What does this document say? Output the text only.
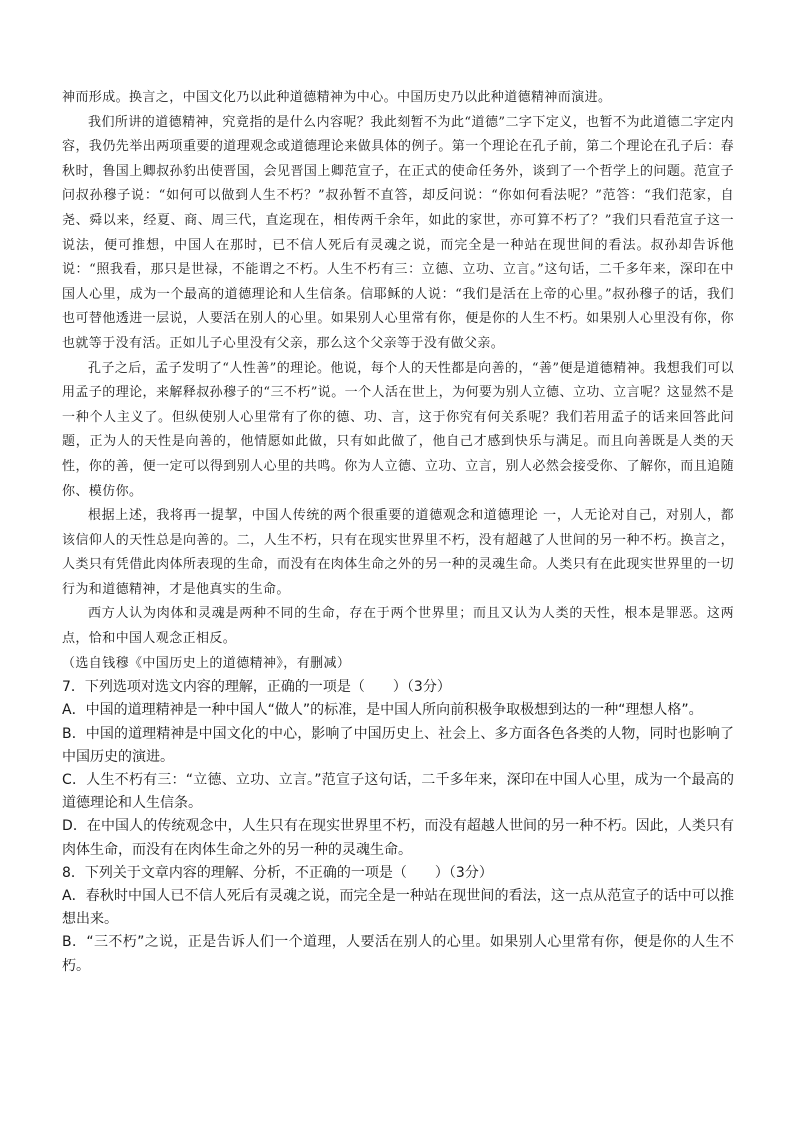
神而形成。换言之，中国文化乃以此种道德精神为中心。中国历史乃以此种道德精神而演进。

我们所讲的道德精神，究竟指的是什么内容呢？我此刻暂不为此“道德”二字下定义，也暂不为此道德二字定内容，我仍先举出两项重要的道理观念或道德理论来做具体的例子。第一个理论在孔子前，第二个理论在孔子后：春秋时，鲁国上卿叔孙豹出使晋国，会见晋国上卿范宣子，在正式的使命任务外，谈到了一个哲学上的问题。范宣子问叔孙穆子说：“如何可以做到人生不朽？”叔孙暂不直答，却反问说：“你如何看法呢？”范答：“我们范家，自尧、舜以来，经夏、商、周三代，直迄现在，相传两千余年，如此的家世，亦可算不朽了？”我们只看范宣子这一说法，便可推想，中国人在那时，已不信人死后有灵魂之说，而完全是一种站在现世间的看法。叔孙却告诉他说：“照我看，那只是世禄，不能谓之不朽。人生不朽有三：立德、立功、立言。”这句话，二千多年来，深印在中国人心里，成为一个最高的道德理论和人生信条。信耶稣的人说：“我们是活在上帝的心里。”叔孙穆子的话，我们也可替他透进一层说，人要活在别人的心里。如果别人心里常有你，便是你的人生不朽。如果别人心里没有你，你也就等于没有活。正如儿子心里没有父亲，那么这个父亲等于没有做父亲。

孔子之后，孟子发明了“人性善”的理论。他说，每个人的天性都是向善的，“善”便是道德精神。我想我们可以用孟子的理论，来解释叔孙穆子的“三不朽”说。一个人活在世上，为何要为别人立德、立功、立言呢？这显然不是一种个人主义了。但纵使别人心里常有了你的德、功、言，这于你究有何关系呢？我们若用孟子的话来回答此问题，正为人的天性是向善的，他情愿如此做，只有如此做了，他自己才感到快乐与满足。而且向善既是人类的天性，你的善，便一定可以得到别人心里的共鸣。你为人立德、立功、立言，别人必然会接受你、了解你，而且追随你、模仿你。

根据上述，我将再一提挈，中国人传统的两个很重要的道德观念和道德理论 一，人无论对自己，对别人，都该信仰人的天性总是向善的。二，人生不朽，只有在现实世界里不朽，没有超越了人世间的另一种不朽。换言之，人类只有凭借此肉体所表现的生命，而没有在肉体生命之外的另一种的灵魂生命。人类只有在此现实世界里的一切行为和道德精神，才是他真实的生命。

西方人认为肉体和灵魂是两种不同的生命，存在于两个世界里；而且又认为人类的天性，根本是罪恶。这两点，恰和中国人观念正相反。

（选自钱穆《中国历史上的道德精神》，有删减）

7．下列选项对选文内容的理解，正确的一项是（　　）（3分）

A．中国的道理精神是一种中国人“做人”的标准，是中国人所向前积极争取极想到达的一种“理想人格”。

B．中国的道理精神是中国文化的中心，影响了中国历史上、社会上、多方面各色各类的人物，同时也影响了中国历史的演进。

C．人生不朽有三：“立德、立功、立言。”范宣子这句话，二千多年来，深印在中国人心里，成为一个最高的道德理论和人生信条。

D．在中国人的传统观念中，人生只有在现实世界里不朽，而没有超越人世间的另一种不朽。因此，人类只有肉体生命，而没有在肉体生命之外的另一种的灵魂生命。

8．下列关于文章内容的理解、分析，不正确的一项是（　　）（3分）

A．春秋时中国人已不信人死后有灵魂之说，而完全是一种站在现世间的看法，这一点从范宣子的话中可以推想出来。

B．“三不朽”之说，正是告诉人们一个道理，人要活在别人的心里。如果别人心里常有你，便是你的人生不朽。
